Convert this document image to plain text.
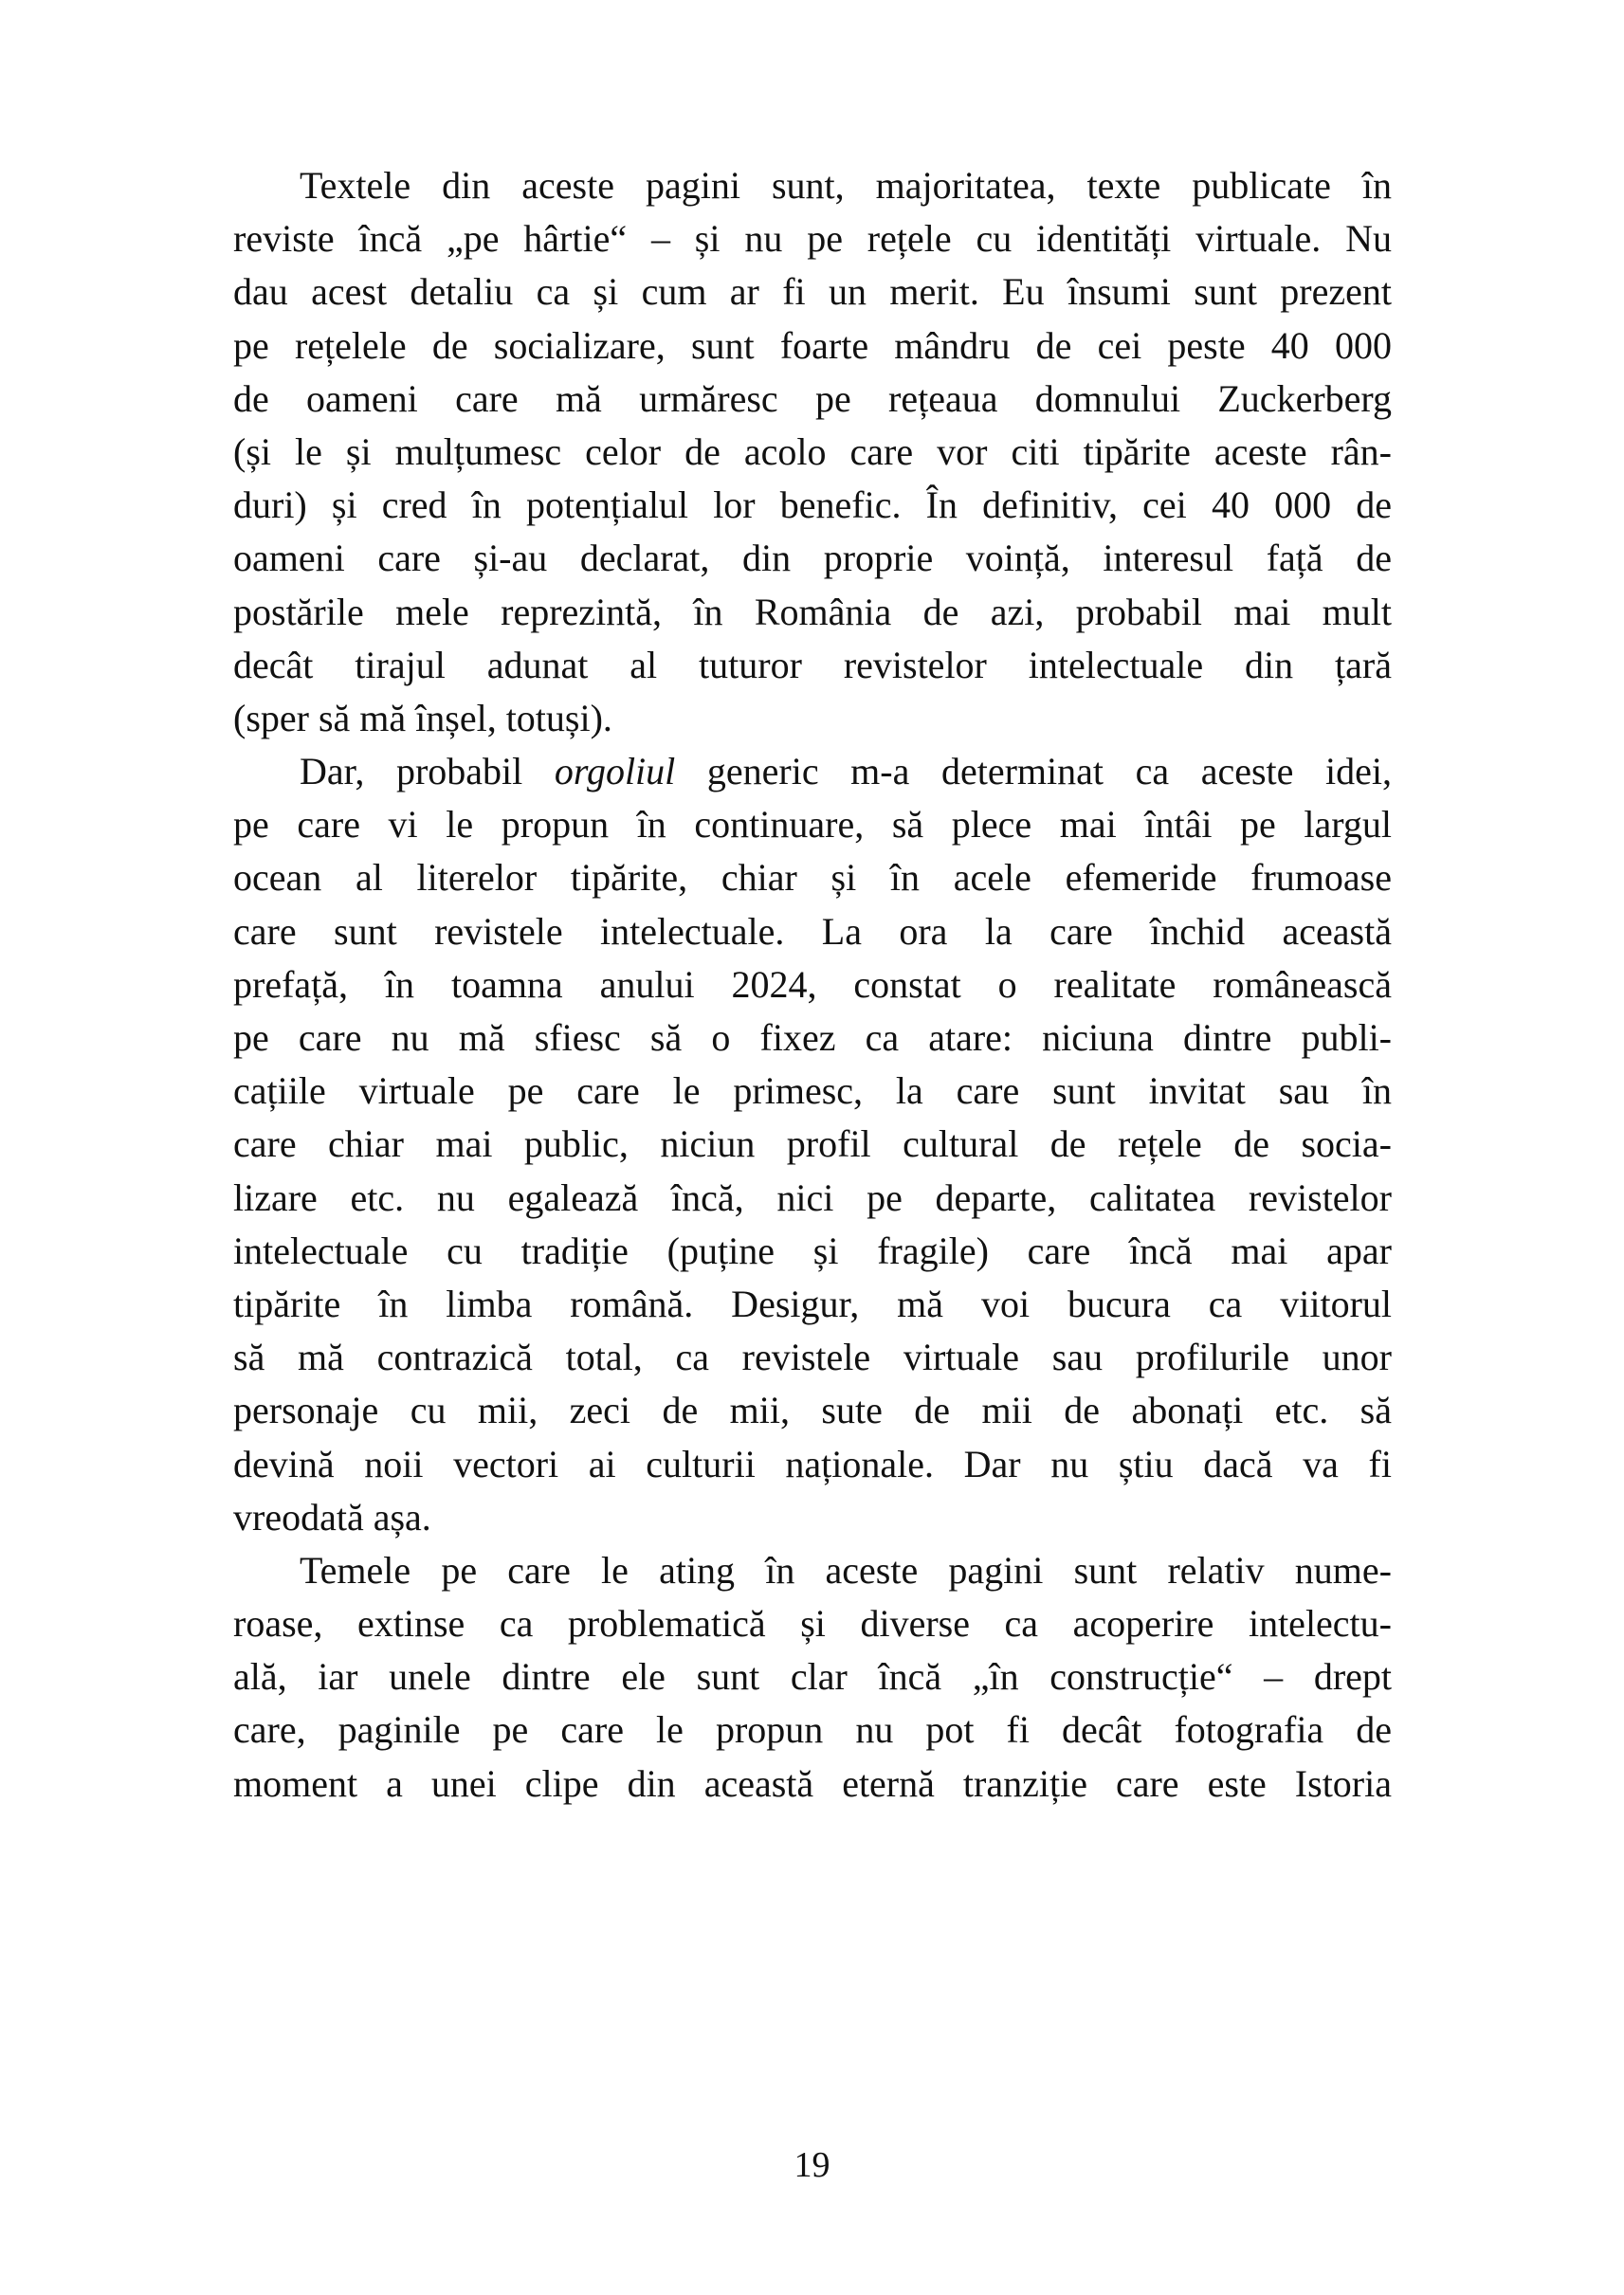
Textele din aceste pagini sunt, majoritatea, texte publicate în
reviste încă „pe hârtie“ – și nu pe rețele cu identități virtuale. Nu
dau acest detaliu ca și cum ar fi un merit. Eu însumi sunt prezent
pe rețelele de socializare, sunt foarte mândru de cei peste 40 000
de oameni care mă urmăresc pe rețeaua domnului Zuckerberg
(și le și mulțumesc celor de acolo care vor citi tipărite aceste rân-
duri) și cred în potențialul lor benefic. În definitiv, cei 40 000 de
oameni care și-au declarat, din proprie voință, interesul față de
postările mele reprezintă, în România de azi, probabil mai mult
decât tirajul adunat al tuturor revistelor intelectuale din țară
(sper să mă înșel, totuși).
Dar, probabil orgoliul generic m-a determinat ca aceste idei,
pe care vi le propun în continuare, să plece mai întâi pe largul
ocean al literelor tipărite, chiar și în acele efemeride frumoase
care sunt revistele intelectuale. La ora la care închid această
prefață, în toamna anului 2024, constat o realitate românească
pe care nu mă sfiesc să o fixez ca atare: niciuna dintre publi-
cațiile virtuale pe care le primesc, la care sunt invitat sau în
care chiar mai public, niciun profil cultural de rețele de socia-
lizare etc. nu egalează încă, nici pe departe, calitatea revistelor
intelectuale cu tradiție (puține și fragile) care încă mai apar
tipărite în limba română. Desigur, mă voi bucura ca viitorul
să mă contrazică total, ca revistele virtuale sau profilurile unor
personaje cu mii, zeci de mii, sute de mii de abonați etc. să
devină noii vectori ai culturii naționale. Dar nu știu dacă va fi
vreodată așa.
Temele pe care le ating în aceste pagini sunt relativ nume-
roase, extinse ca problematică și diverse ca acoperire intelectu-
ală, iar unele dintre ele sunt clar încă „în construcție“ – drept
care, paginile pe care le propun nu pot fi decât fotografia de
moment a unei clipe din această eternă tranziție care este Istoria
19
